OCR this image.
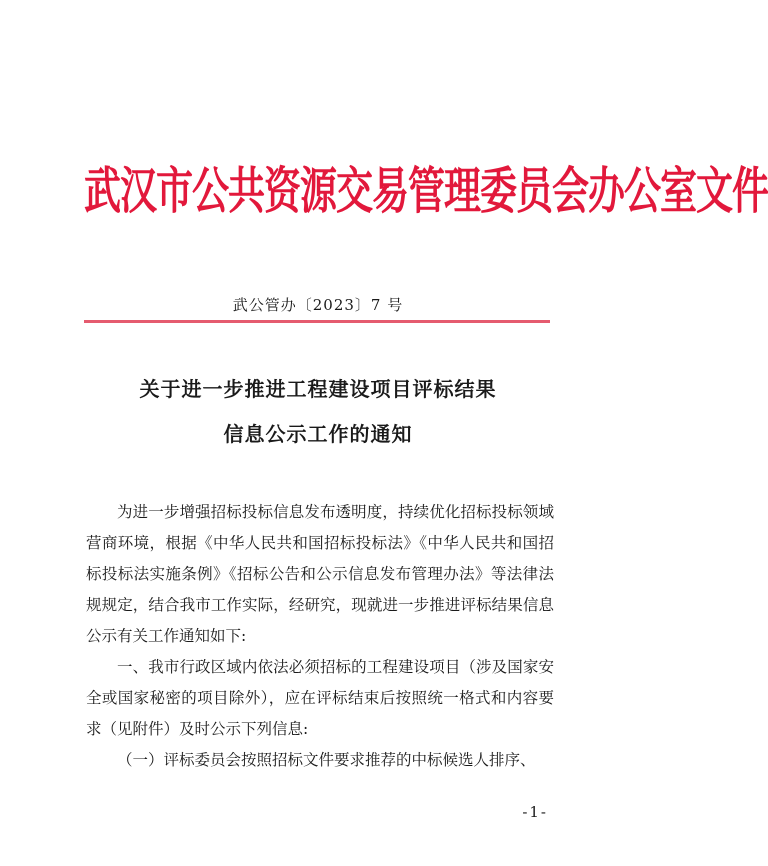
武汉市公共资源交易管理委员会办公室文件
武公管办〔2023〕7 号
关于进一步推进工程建设项目评标结果
信息公示工作的通知

为进一步增强招标投标信息发布透明度，持续优化招标投标领域营商环境，根据《中华人民共和国招标投标法》《中华人民共和国招标投标法实施条例》《招标公告和公示信息发布管理办法》等法律法规规定，结合我市工作实际，经研究，现就进一步推进评标结果信息公示有关工作通知如下:

一、我市行政区域内依法必须招标的工程建设项目（涉及国家安全或国家秘密的项目除外），应在评标结束后按照统一格式和内容要求（见附件）及时公示下列信息:

（一）评标委员会按照招标文件要求推荐的中标候选人排序、

-1-
